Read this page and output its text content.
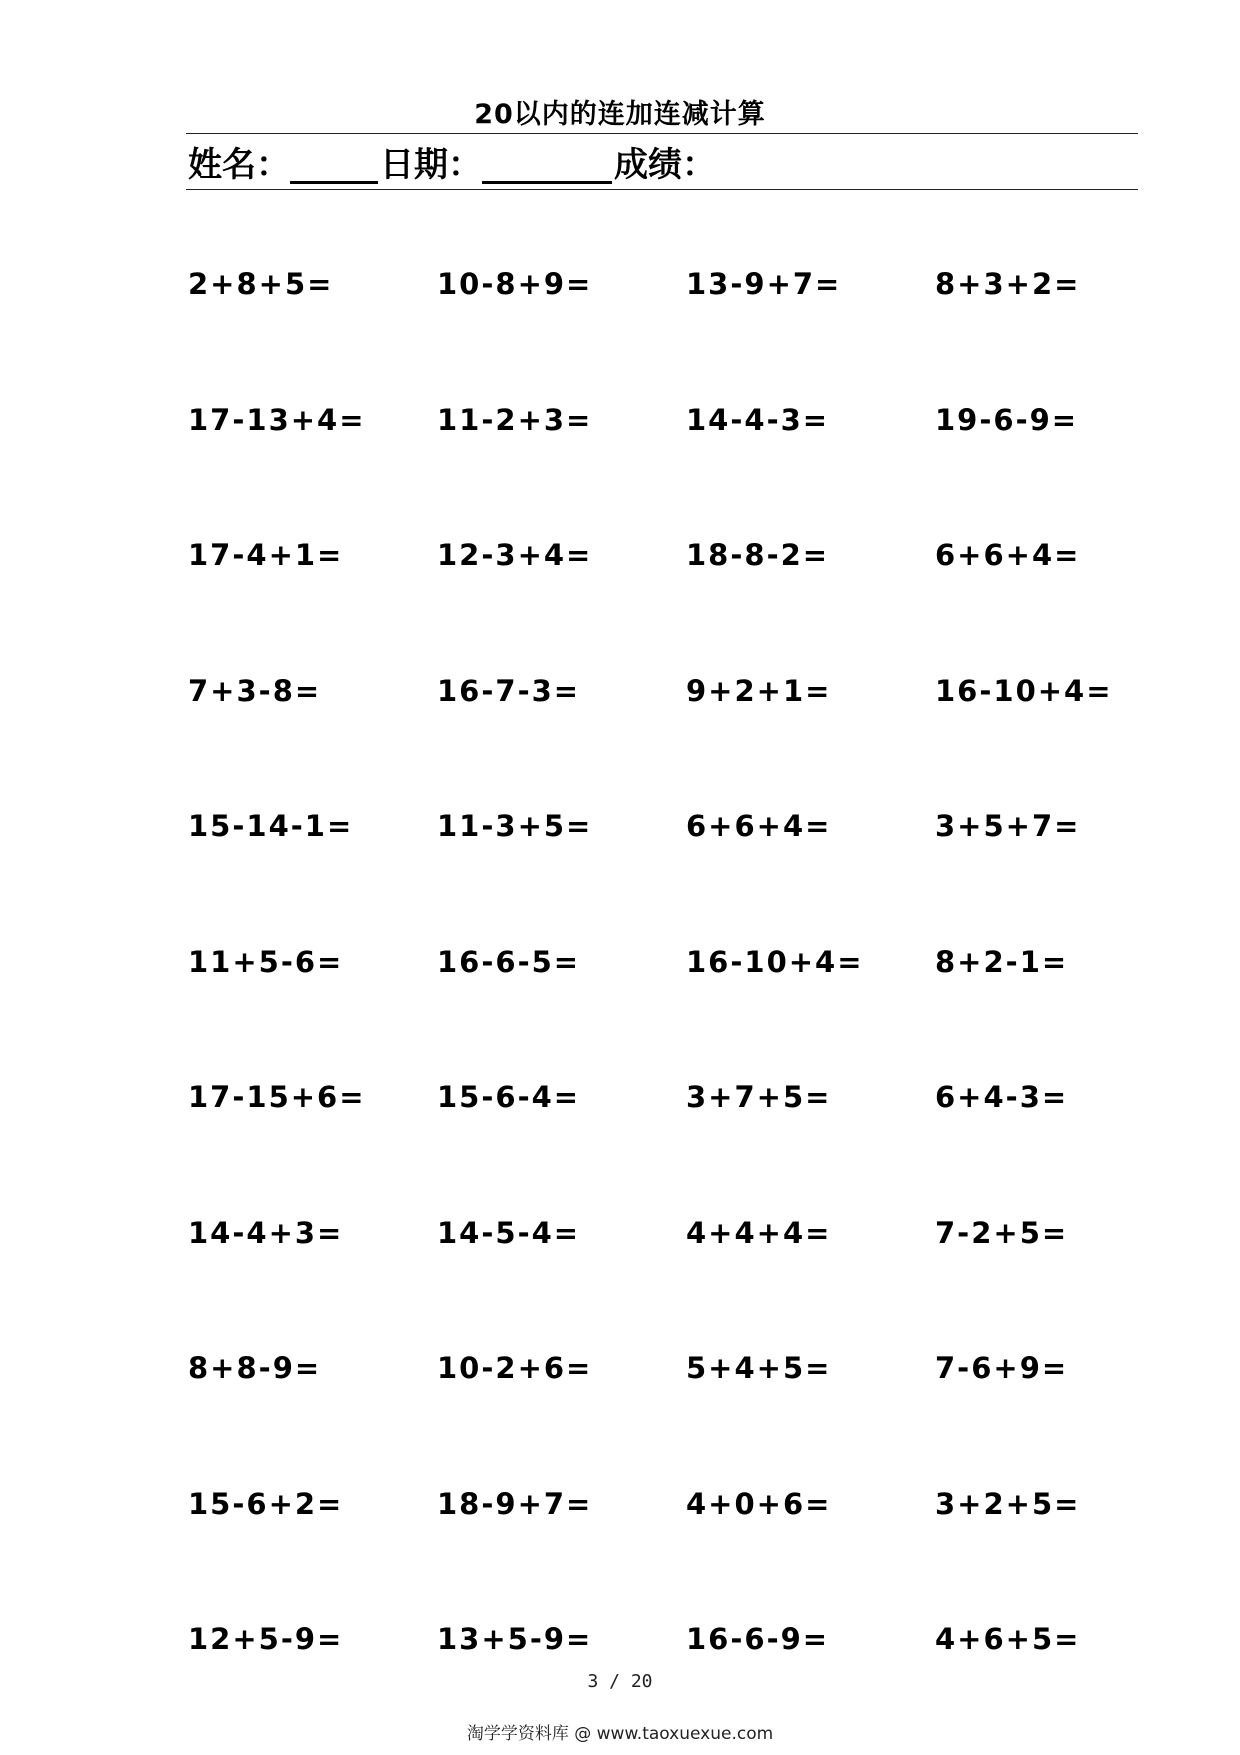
20以内的连加连减计算
姓名：	日期：	成绩：
2+8+5=	10-8+9=	13-9+7=	8+3+2=
17-13+4=	11-2+3=	14-4-3=	19-6-9=
17-4+1=	12-3+4=	18-8-2=	6+6+4=
7+3-8=	16-7-3=	9+2+1=	16-10+4=
15-14-1=	11-3+5=	6+6+4=	3+5+7=
11+5-6=	16-6-5=	16-10+4=	8+2-1=
17-15+6=	15-6-4=	3+7+5=	6+4-3=
14-4+3=	14-5-4=	4+4+4=	7-2+5=
8+8-9=	10-2+6=	5+4+5=	7-6+9=
15-6+2=	18-9+7=	4+0+6=	3+2+5=
12+5-9=	13+5-9=	16-6-9=	4+6+5=
3 / 20
淘学学资料库 @ www.taoxuexue.com
